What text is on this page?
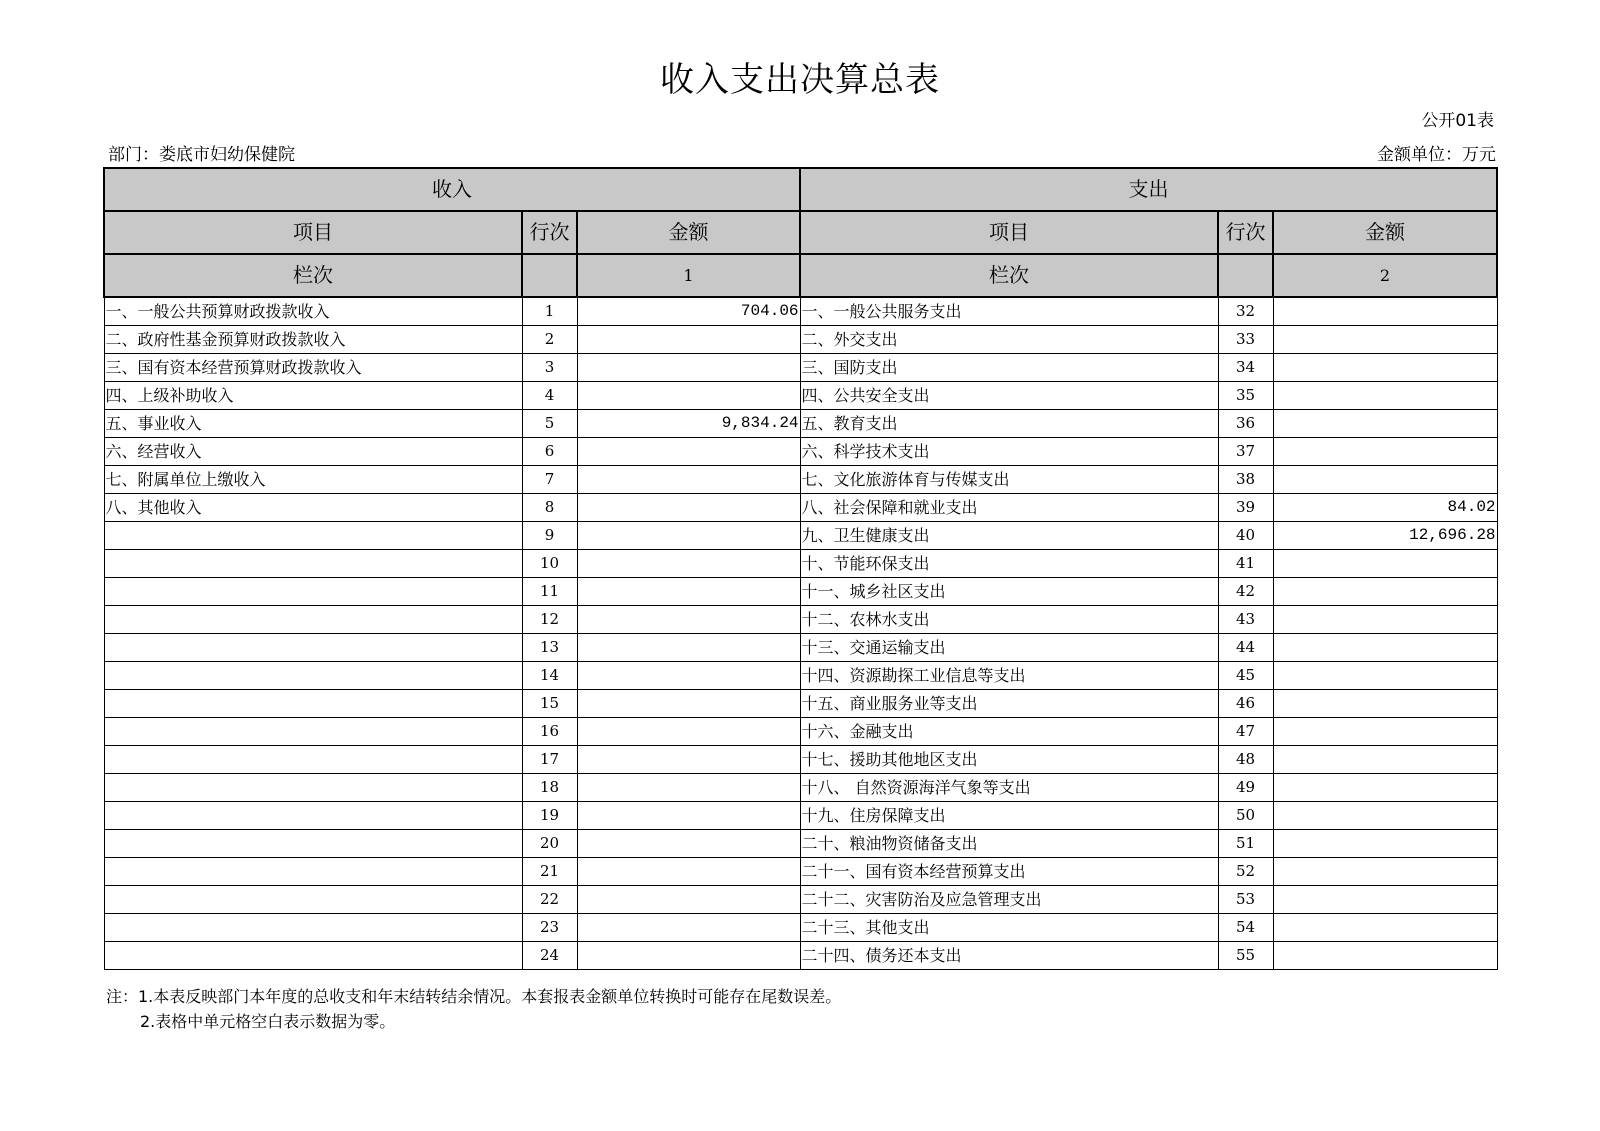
收入支出决算总表
公开01表
部门：娄底市妇幼保健院	金额单位：万元
收入			支出		
项目	行次	金额	项目	行次	金额
栏次		1	栏次		2
一、一般公共预算财政拨款收入	1	704.06	一、一般公共服务支出	32	
二、政府性基金预算财政拨款收入	2		二、外交支出	33	
三、国有资本经营预算财政拨款收入	3		三、国防支出	34	
四、上级补助收入	4		四、公共安全支出	35	
五、事业收入	5	9,834.24	五、教育支出	36	
六、经营收入	6		六、科学技术支出	37	
七、附属单位上缴收入	7		七、文化旅游体育与传媒支出	38	
八、其他收入	8		八、社会保障和就业支出	39	84.02
	9		九、卫生健康支出	40	12,696.28
	10		十、节能环保支出	41	
	11		十一、城乡社区支出	42	
	12		十二、农林水支出	43	
	13		十三、交通运输支出	44	
	14		十四、资源勘探工业信息等支出	45	
	15		十五、商业服务业等支出	46	
	16		十六、金融支出	47	
	17		十七、援助其他地区支出	48	
	18		十八、 自然资源海洋气象等支出	49	
	19		十九、住房保障支出	50	
	20		二十、粮油物资储备支出	51	
	21		二十一、国有资本经营预算支出	52	
	22		二十二、灾害防治及应急管理支出	53	
	23		二十三、其他支出	54	
	24		二十四、债务还本支出	55	
注：1.本表反映部门本年度的总收支和年末结转结余情况。本套报表金额单位转换时可能存在尾数误差。
2.表格中单元格空白表示数据为零。
